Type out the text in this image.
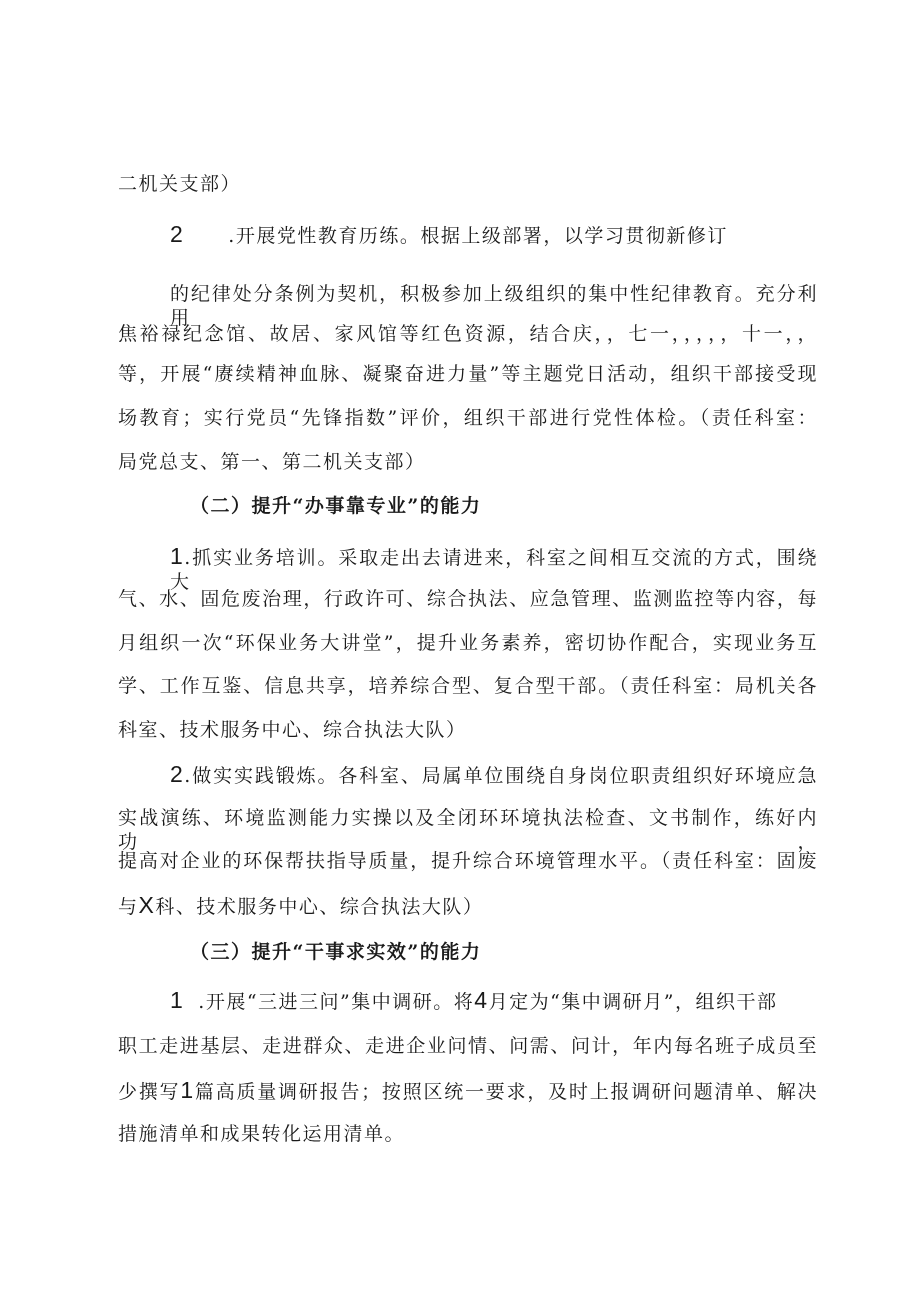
二机关支部）
2 .开展党性教育历练。根据上级部署，以学习贯彻新修订
的纪律处分条例为契机，积极参加上级组织的集中性纪律教育。充分利用
焦裕禄纪念馆、故居、家风馆等红色资源，结合庆，，七一，，，，，十一，，
等，开展“赓续精神血脉、凝聚奋进力量”等主题党日活动，组织干部接受现
场教育；实行党员“先锋指数”评价，组织干部进行党性体检。（责任科室：
局党总支、第一、第二机关支部）
（二）提升“办事靠专业”的能力
1.抓实业务培训。采取走出去请进来，科室之间相互交流的方式，围绕大
气、水、固危废治理，行政许可、综合执法、应急管理、监测监控等内容，每
月组织一次“环保业务大讲堂”，提升业务素养，密切协作配合，实现业务互
学、工作互鉴、信息共享，培养综合型、复合型干部。（责任科室：局机关各
科室、技术服务中心、综合执法大队）
2.做实实践锻炼。各科室、局属单位围绕自身岗位职责组织好环境应急
实战演练、环境监测能力实操以及全闭环环境执法检查、文书制作，练好内功，
提高对企业的环保帮扶指导质量，提升综合环境管理水平。（责任科室：固废
与X科、技术服务中心、综合执法大队）
（三）提升“干事求实效”的能力
1 .开展“三进三问”集中调研。将4月定为“集中调研月”，组织干部
职工走进基层、走进群众、走进企业问情、问需、问计，年内每名班子成员至
少撰写1篇高质量调研报告；按照区统一要求，及时上报调研问题清单、解决
措施清单和成果转化运用清单。
